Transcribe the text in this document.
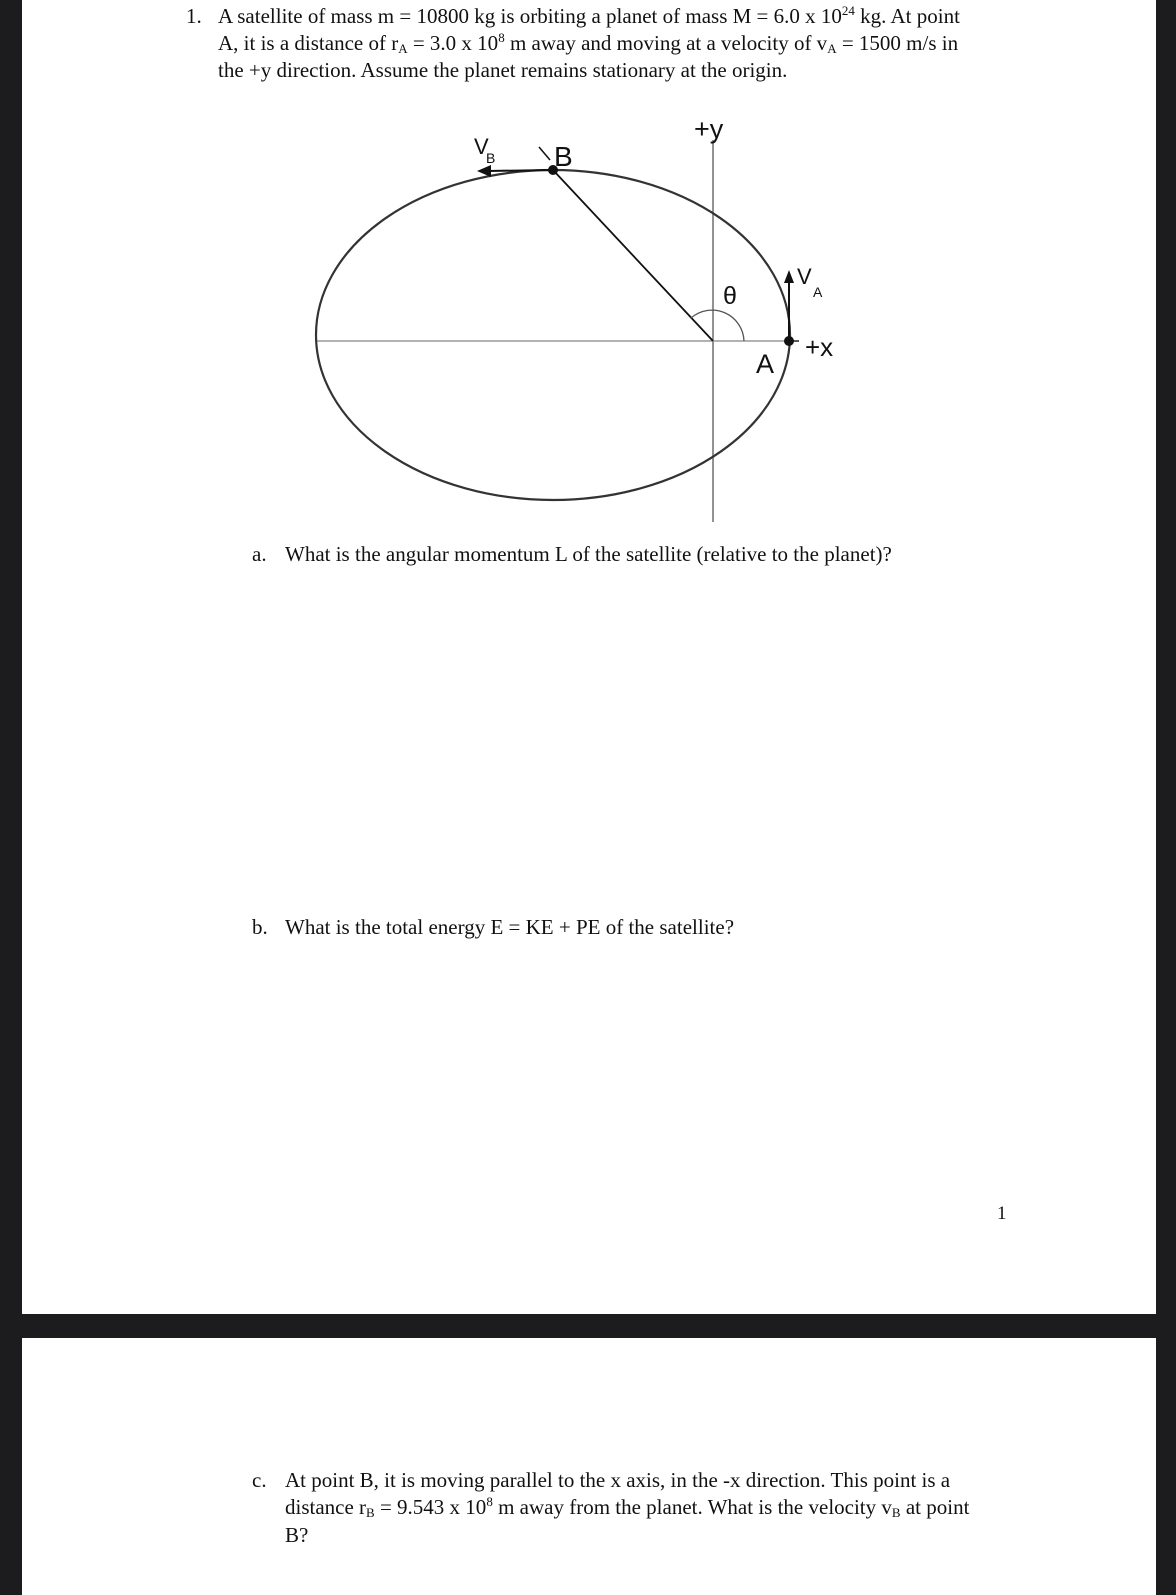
1. A satellite of mass m = 10800 kg is orbiting a planet of mass M = 6.0 x $10^{24}$ kg. At point

A, it is a distance of $r_A = 3.0$ x $10^8$ m away and moving at a velocity of $v_A = 1500$ m/s in

the +y direction. Assume the planet remains stationary at the origin.

+y
B
V
B
θ
V
A
+x
A
a. What is the angular momentum L of the satellite (relative to the planet)?

b. What is the total energy E = KE + PE of the satellite?

1
c. At point B, it is moving parallel to the x axis, in the -x direction. This point is a

distance $r_B = 9.543$ x $10^8$ m away from the planet. What is the velocity $v_B$ at point

B?
